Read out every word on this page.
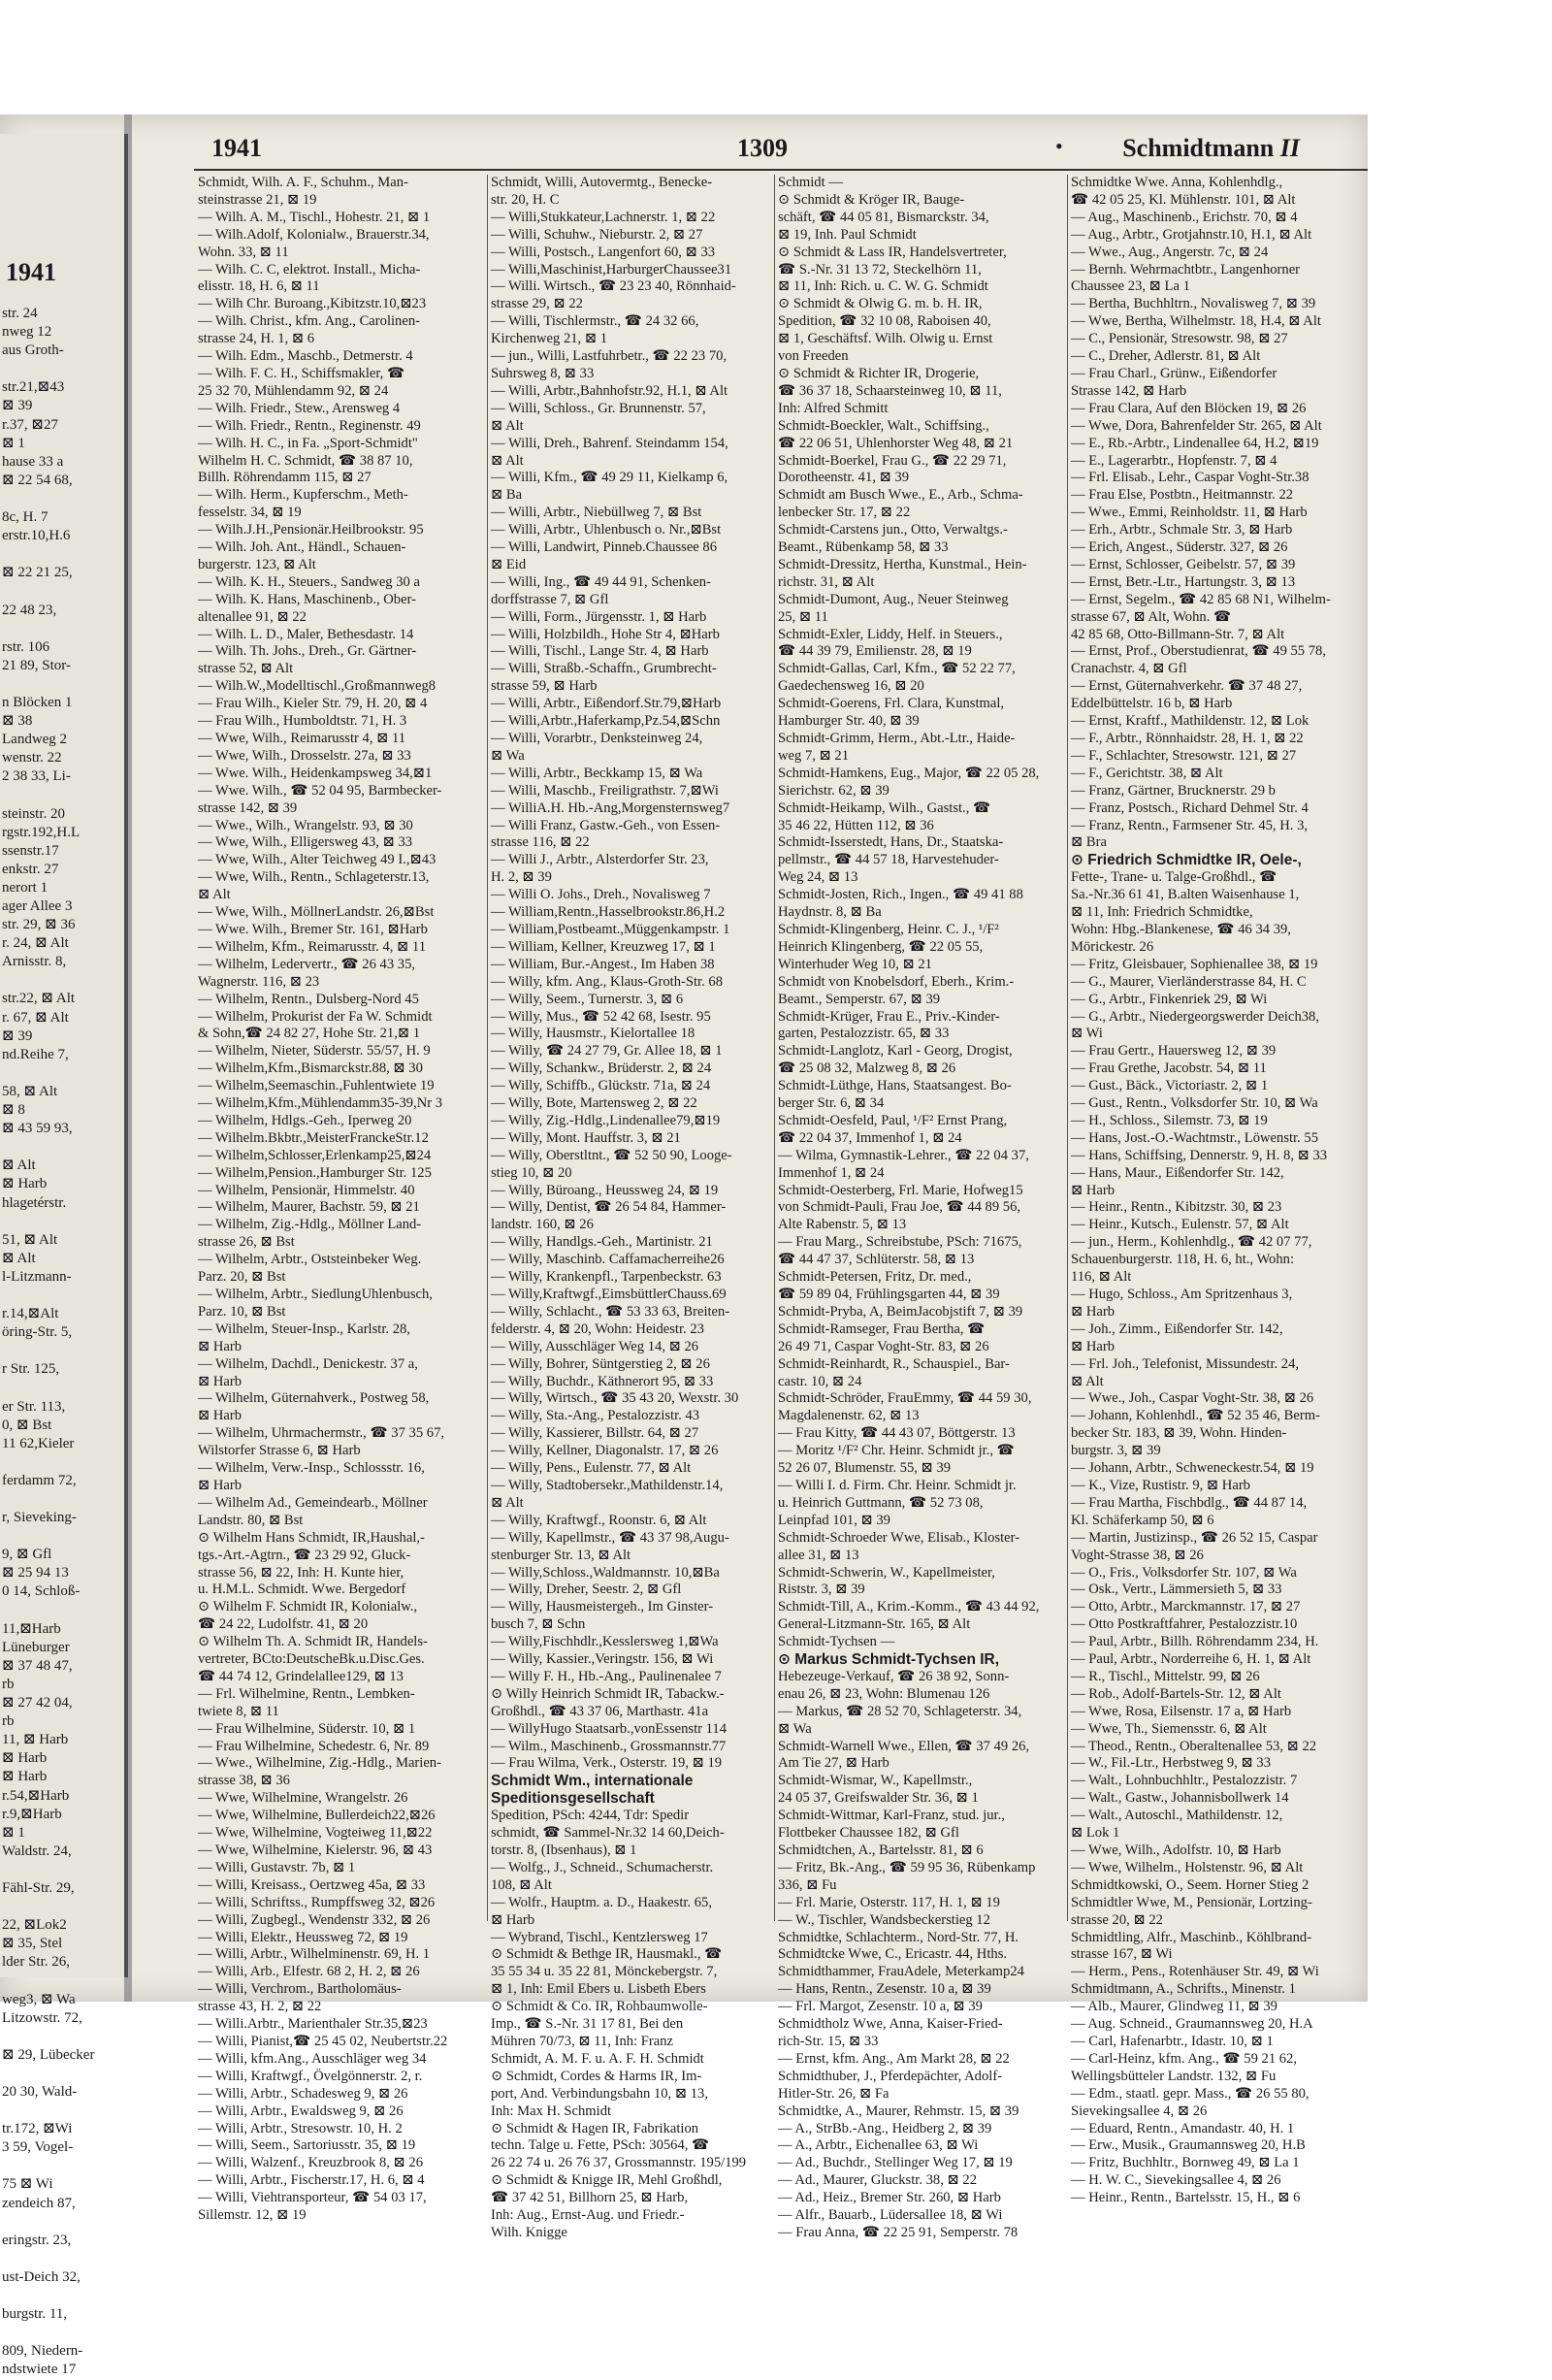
1941
str. 24
nweg 12
aus Groth-

str.21,⊠43
⊠ 39
r.37, ⊠27
⊠ 1
hause 33 a
⊠ 22 54 68,

8c, H. 7
erstr.10,H.6

⊠ 22 21 25,

22 48 23,

rstr. 106
21 89, Stor-

n Blöcken 1
⊠ 38
Landweg 2
wenstr. 22
2 38 33, Li-

steinstr. 20
rgstr.192,H.L
ssenstr.17
enkstr. 27
nerort 1
ager Allee 3
str. 29, ⊠ 36
r. 24, ⊠ Alt
Arnisstr. 8,

str.22, ⊠ Alt
r. 67, ⊠ Alt
⊠ 39
nd.Reihe 7,

58, ⊠ Alt
⊠ 8
⊠ 43 59 93,

⊠ Alt
⊠ Harb
hlagetérstr.

51, ⊠ Alt
⊠ Alt
l-Litzmann-

r.14,⊠Alt
öring-Str. 5,

r Str. 125,

er Str. 113,
0, ⊠ Bst
11 62,Kieler

ferdamm 72,

r, Sieveking-

9, ⊠ Gfl
⊠ 25 94 13
0 14, Schloß-

11,⊠Harb
Lüneburger
⊠ 37 48 47,
rb
⊠ 27 42 04,
rb
11, ⊠ Harb
⊠ Harb
⊠ Harb
r.54,⊠Harb
r.9,⊠Harb
⊠ 1
Waldstr. 24,

Fähl-Str. 29,

22, ⊠Lok2
⊠ 35, Stel
lder Str. 26,

weg3, ⊠ Wa
Litzowstr. 72,

⊠ 29, Lübecker

20 30, Wald-

tr.172, ⊠Wi
3 59, Vogel-

75 ⊠ Wi
zendeich 87,

eringstr. 23,

ust-Deich 32,

burgstr. 11,

809, Niedern-
ndstwiete 17
1941	1309	• Schmidtmann II
Schmidt, Wilh. A. F., Schuhm., Man-
steinstrasse 21, ⊠ 19
— Wilh. A. M., Tischl., Hohestr. 21, ⊠ 1
— Wilh.Adolf, Kolonialw., Brauerstr.34,
Wohn. 33, ⊠ 11
— Wilh. C. C, elektrot. Install., Micha-
elisstr. 18, H. 6, ⊠ 11
— Wilh Chr. Buroang.,Kibitzstr.10,⊠23
— Wilh. Christ., kfm. Ang., Carolinen-
strasse 24, H. 1, ⊠ 6
— Wilh. Edm., Maschb., Detmerstr. 4
— Wilh. F. C. H., Schiffsmakler, ☎
25 32 70, Mühlendamm 92, ⊠ 24
— Wilh. Friedr., Stew., Arensweg 4
— Wilh. Friedr., Rentn., Reginenstr. 49
— Wilh. H. C., in Fa. „Sport-Schmidt"
Wilhelm H. C. Schmidt, ☎ 38 87 10,
Billh. Röhrendamm 115, ⊠ 27
— Wilh. Herm., Kupferschm., Meth-
fesselstr. 34, ⊠ 19
— Wilh.J.H.,Pensionär.Heilbrookstr. 95
— Wilh. Joh. Ant., Händl., Schauen-
burgerstr. 123, ⊠ Alt
— Wilh. K. H., Steuers., Sandweg 30 a
— Wilh. K. Hans, Maschinenb., Ober-
altenallee 91, ⊠ 22
— Wilh. L. D., Maler, Bethesdastr. 14
— Wilh. Th. Johs., Dreh., Gr. Gärtner-
strasse 52, ⊠ Alt
— Wilh.W.,Modelltischl.,Großmannweg8
— Frau Wilh., Kieler Str. 79, H. 20, ⊠ 4
— Frau Wilh., Humboldtstr. 71, H. 3
— Wwe, Wilh., Reimarusstr 4, ⊠ 11
— Wwe, Wilh., Drosselstr. 27a, ⊠ 33
— Wwe. Wilh., Heidenkampsweg 34,⊠1
— Wwe. Wilh., ☎ 52 04 95, Barmbecker-
strasse 142, ⊠ 39
— Wwe., Wilh., Wrangelstr. 93, ⊠ 30
— Wwe, Wilh., Elligersweg 43, ⊠ 33
— Wwe, Wilh., Alter Teichweg 49 I.,⊠43
— Wwe, Wilh., Rentn., Schlageterstr.13,
⊠ Alt
— Wwe, Wilh., MöllnerLandstr. 26,⊠Bst
— Wwe. Wilh., Bremer Str. 161, ⊠Harb
— Wilhelm, Kfm., Reimarusstr. 4, ⊠ 11
— Wilhelm, Ledervertr., ☎ 26 43 35,
Wagnerstr. 116, ⊠ 23
— Wilhelm, Rentn., Dulsberg-Nord 45
— Wilhelm, Prokurist der Fa W. Schmidt
& Sohn,☎ 24 82 27, Hohe Str. 21,⊠ 1
— Wilhelm, Nieter, Süderstr. 55/57, H. 9
— Wilhelm,Kfm.,Bismarckstr.88, ⊠ 30
— Wilhelm,Seemaschin.,Fuhlentwiete 19
— Wilhelm,Kfm.,Mühlendamm35-39,Nr 3
— Wilhelm, Hdlgs.-Geh., Iperweg 20
— Wilhelm.Bkbtr.,MeisterFranckeStr.12
— Wilhelm,Schlosser,Erlenkamp25,⊠24
— Wilhelm,Pension.,Hamburger Str. 125
— Wilhelm, Pensionär, Himmelstr. 40
— Wilhelm, Maurer, Bachstr. 59, ⊠ 21
— Wilhelm, Zig.-Hdlg., Möllner Land-
strasse 26, ⊠ Bst
— Wilhelm, Arbtr., Oststeinbeker Weg.
Parz. 20, ⊠ Bst
— Wilhelm, Arbtr., SiedlungUhlenbusch,
Parz. 10, ⊠ Bst
— Wilhelm, Steuer-Insp., Karlstr. 28,
⊠ Harb
— Wilhelm, Dachdl., Denickestr. 37 a,
⊠ Harb
— Wilhelm, Güternahverk., Postweg 58,
⊠ Harb
— Wilhelm, Uhrmachermstr., ☎ 37 35 67,
Wilstorfer Strasse 6, ⊠ Harb
— Wilhelm, Verw.-Insp., Schlossstr. 16,
⊠ Harb
— Wilhelm Ad., Gemeindearb., Möllner
Landstr. 80, ⊠ Bst
⊙ Wilhelm Hans Schmidt, IR,Haushal,-
tgs.-Art.-Agtrn., ☎ 23 29 92, Gluck-
strasse 56, ⊠ 22, Inh: H. Kunte hier,
u. H.M.L. Schmidt. Wwe. Bergedorf
⊙ Wilhelm F. Schmidt IR, Kolonialw.,
☎ 24 22, Ludolfstr. 41, ⊠ 20
⊙ Wilhelm Th. A. Schmidt IR, Handels-
vertreter, BCto:DeutscheBk.u.Disc.Ges.
☎ 44 74 12, Grindelallee129, ⊠ 13
— Frl. Wilhelmine, Rentn., Lembken-
twiete 8, ⊠ 11
— Frau Wilhelmine, Süderstr. 10, ⊠ 1
— Frau Wilhelmine, Schedestr. 6, Nr. 89
— Wwe., Wilhelmine, Zig.-Hdlg., Marien-
strasse 38, ⊠ 36
— Wwe, Wilhelmine, Wrangelstr. 26
— Wwe, Wilhelmine, Bullerdeich22,⊠26
— Wwe, Wilhelmine, Vogteiweg 11,⊠22
— Wwe, Wilhelmine, Kielerstr. 96, ⊠ 43
— Willi, Gustavstr. 7b, ⊠ 1
— Willi, Kreisass., Oertzweg 45a, ⊠ 33
— Willi, Schriftss., Rumpffsweg 32, ⊠26
— Willi, Zugbegl., Wendenstr 332, ⊠ 26
— Willi, Elektr., Heussweg 72, ⊠ 19
— Willi, Arbtr., Wilhelminenstr. 69, H. 1
— Willi, Arb., Elfestr. 68 2, H. 2, ⊠ 26
— Willi, Verchrom., Bartholomäus-
strasse 43, H. 2, ⊠ 22
— Willi.Arbtr., Marienthaler Str.35,⊠23
— Willi, Pianist,☎ 25 45 02, Neubertstr.22
— Willi, kfm.Ang., Ausschläger weg 34
— Willi, Kraftwgf., Övelgönnerstr. 2, r.
— Willi, Arbtr., Schadesweg 9, ⊠ 26
— Willi, Arbtr., Ewaldsweg 9, ⊠ 26
— Willi, Arbtr., Stresowstr. 10, H. 2
— Willi, Seem., Sartoriusstr. 35, ⊠ 19
— Willi, Walzenf., Kreuzbrook 8, ⊠ 26
— Willi, Arbtr., Fischerstr.17, H. 6, ⊠ 4
— Willi, Viehtransporteur, ☎ 54 03 17,
Sillemstr. 12, ⊠ 19
Schmidt, Willi, Autovermtg., Benecke-
str. 20, H. C
— Willi,Stukkateur,Lachnerstr. 1, ⊠ 22
— Willi, Schuhw., Nieburstr. 2, ⊠ 27
— Willi, Postsch., Langenfort 60, ⊠ 33
— Willi,Maschinist,HarburgerChaussee31
— Willi. Wirtsch., ☎ 23 23 40, Rönnhaid-
strasse 29, ⊠ 22
— Willi, Tischlermstr., ☎ 24 32 66,
Kirchenweg 21, ⊠ 1
— jun., Willi, Lastfuhrbetr., ☎ 22 23 70,
Suhrsweg 8, ⊠ 33
— Willi, Arbtr.,Bahnhofstr.92, H.1, ⊠ Alt
— Willi, Schloss., Gr. Brunnenstr. 57,
⊠ Alt
— Willi, Dreh., Bahrenf. Steindamm 154,
⊠ Alt
— Willi, Kfm., ☎ 49 29 11, Kielkamp 6,
⊠ Ba
— Willi, Arbtr., Niebüllweg 7, ⊠ Bst
— Willi, Arbtr., Uhlenbusch o. Nr.,⊠Bst
— Willi, Landwirt, Pinneb.Chaussee 86
⊠ Eid
— Willi, Ing., ☎ 49 44 91, Schenken-
dorffstrasse 7, ⊠ Gfl
— Willi, Form., Jürgensstr. 1, ⊠ Harb
— Willi, Holzbildh., Hohe Str 4, ⊠Harb
— Willi, Tischl., Lange Str. 4, ⊠ Harb
— Willi, Straßb.-Schaffn., Grumbrecht-
strasse 59, ⊠ Harb
— Willi, Arbtr., Eißendorf.Str.79,⊠Harb
— Willi,Arbtr.,Haferkamp,Pz.54,⊠Schn
— Willi, Vorarbtr., Denksteinweg 24,
⊠ Wa
— Willi, Arbtr., Beckkamp 15, ⊠ Wa
— Willi, Maschb., Freiligrathstr. 7,⊠Wi
— WilliA.H. Hb.-Ang,Morgensternsweg7
— Willi Franz, Gastw.-Geh., von Essen-
strasse 116, ⊠ 22
— Willi J., Arbtr., Alsterdorfer Str. 23,
H. 2, ⊠ 39
— Willi O. Johs., Dreh., Novalisweg 7
— William,Rentn.,Hasselbrookstr.86,H.2
— William,Postbeamt.,Müggenkampstr. 1
— William, Kellner, Kreuzweg 17, ⊠ 1
— William, Bur.-Angest., Im Haben 38
— Willy, kfm. Ang., Klaus-Groth-Str. 68
— Willy, Seem., Turnerstr. 3, ⊠ 6
— Willy, Mus., ☎ 52 42 68, Isestr. 95
— Willy, Hausmstr., Kielortallee 18
— Willy, ☎ 24 27 79, Gr. Allee 18, ⊠ 1
— Willy, Schankw., Brüderstr. 2, ⊠ 24
— Willy, Schiffb., Glückstr. 71a, ⊠ 24
— Willy, Bote, Martensweg 2, ⊠ 22
— Willy, Zig.-Hdlg.,Lindenallee79,⊠19
— Willy, Mont. Hauffstr. 3, ⊠ 21
— Willy, Oberstltnt., ☎ 52 50 90, Looge-
stieg 10, ⊠ 20
— Willy, Büroang., Heussweg 24, ⊠ 19
— Willy, Dentist, ☎ 26 54 84, Hammer-
landstr. 160, ⊠ 26
— Willy, Handlgs.-Geh., Martinistr. 21
— Willy, Maschinb. Caffamacherreihe26
— Willy, Krankenpfl., Tarpenbeckstr. 63
— Willy,Kraftwgf.,EimsbüttlerChauss.69
— Willy, Schlacht., ☎ 53 33 63, Breiten-
felderstr. 4, ⊠ 20, Wohn: Heidestr. 23
— Willy, Ausschläger Weg 14, ⊠ 26
— Willy, Bohrer, Süntgerstieg 2, ⊠ 26
— Willy, Buchdr., Käthnerort 95, ⊠ 33
— Willy, Wirtsch., ☎ 35 43 20, Wexstr. 30
— Willy, Sta.-Ang., Pestalozzistr. 43
— Willy, Kassierer, Billstr. 64, ⊠ 27
— Willy, Kellner, Diagonalstr. 17, ⊠ 26
— Willy, Pens., Eulenstr. 77, ⊠ Alt
— Willy, Stadtobersekr.,Mathildenstr.14,
⊠ Alt
— Willy, Kraftwgf., Roonstr. 6, ⊠ Alt
— Willy, Kapellmstr., ☎ 43 37 98,Augu-
stenburger Str. 13, ⊠ Alt
— Willy,Schloss.,Waldmannstr. 10,⊠Ba
— Willy, Dreher, Seestr. 2, ⊠ Gfl
— Willy, Hausmeistergeh., Im Ginster-
busch 7, ⊠ Schn
— Willy,Fischhdlr.,Kesslersweg 1,⊠Wa
— Willy, Kassier.,Veringstr. 156, ⊠ Wi
— Willy F. H., Hb.-Ang., Paulinenalee 7
⊙ Willy Heinrich Schmidt IR, Tabackw.-
Großhdl., ☎ 43 37 06, Marthastr. 41a
— WillyHugo Staatsarb.,vonEssenstr 114
— Wilm., Maschinenb., Grossmannstr.77
— Frau Wilma, Verk., Osterstr. 19, ⊠ 19
Schmidt Wm., internationale
Speditionsgesellschaft
Spedition, PSch: 4244, Tdr: Spedir
schmidt, ☎ Sammel-Nr.32 14 60,Deich-
torstr. 8, (Ibsenhaus), ⊠ 1
— Wolfg., J., Schneid., Schumacherstr.
108, ⊠ Alt
— Wolfr., Hauptm. a. D., Haakestr. 65,
⊠ Harb
— Wybrand, Tischl., Kentzlersweg 17
⊙ Schmidt & Bethge IR, Hausmakl., ☎
35 55 34 u. 35 22 81, Mönckebergstr. 7,
⊠ 1, Inh: Emil Ebers u. Lisbeth Ebers
⊙ Schmidt & Co. IR, Rohbaumwolle-
Imp., ☎ S.-Nr. 31 17 81, Bei den
Mühren 70/73, ⊠ 11, Inh: Franz
Schmidt, A. M. F. u. A. F. H. Schmidt
⊙ Schmidt, Cordes & Harms IR, Im-
port, And. Verbindungsbahn 10, ⊠ 13,
Inh: Max H. Schmidt
⊙ Schmidt & Hagen IR, Fabrikation
techn. Talge u. Fette, PSch: 30564, ☎
26 22 74 u. 26 76 37, Grossmannstr. 195/199
⊙ Schmidt & Knigge IR, Mehl Großhdl,
☎ 37 42 51, Billhorn 25, ⊠ Harb,
Inh: Aug., Ernst-Aug. und Friedr.-
Wilh. Knigge
Schmidt —
⊙ Schmidt & Kröger IR, Bauge-
schäft, ☎ 44 05 81, Bismarckstr. 34,
⊠ 19, Inh. Paul Schmidt
⊙ Schmidt & Lass IR, Handelsvertreter,
☎ S.-Nr. 31 13 72, Steckelhörn 11,
⊠ 11, Inh: Rich. u. C. W. G. Schmidt
⊙ Schmidt & Olwig G. m. b. H. IR,
Spedition, ☎ 32 10 08, Raboisen 40,
⊠ 1, Geschäftsf. Wilh. Olwig u. Ernst
von Freeden
⊙ Schmidt & Richter IR, Drogerie,
☎ 36 37 18, Schaarsteinweg 10, ⊠ 11,
Inh: Alfred Schmitt
Schmidt-Boeckler, Walt., Schiffsing.,
☎ 22 06 51, Uhlenhorster Weg 48, ⊠ 21
Schmidt-Boerkel, Frau G., ☎ 22 29 71,
Dorotheenstr. 41, ⊠ 39
Schmidt am Busch Wwe., E., Arb., Schma-
lenbecker Str. 17, ⊠ 22
Schmidt-Carstens jun., Otto, Verwaltgs.-
Beamt., Rübenkamp 58, ⊠ 33
Schmidt-Dressitz, Hertha, Kunstmal., Hein-
richstr. 31, ⊠ Alt
Schmidt-Dumont, Aug., Neuer Steinweg
25, ⊠ 11
Schmidt-Exler, Liddy, Helf. in Steuers.,
☎ 44 39 79, Emilienstr. 28, ⊠ 19
Schmidt-Gallas, Carl, Kfm., ☎ 52 22 77,
Gaedechensweg 16, ⊠ 20
Schmidt-Goerens, Frl. Clara, Kunstmal,
Hamburger Str. 40, ⊠ 39
Schmidt-Grimm, Herm., Abt.-Ltr., Haide-
weg 7, ⊠ 21
Schmidt-Hamkens, Eug., Major, ☎ 22 05 28,
Sierichstr. 62, ⊠ 39
Schmidt-Heikamp, Wilh., Gastst., ☎
35 46 22, Hütten 112, ⊠ 36
Schmidt-Isserstedt, Hans, Dr., Staatska-
pellmstr., ☎ 44 57 18, Harvestehuder-
Weg 24, ⊠ 13
Schmidt-Josten, Rich., Ingen., ☎ 49 41 88
Haydnstr. 8, ⊠ Ba
Schmidt-Klingenberg, Heinr. C. J., ¹/F²
Heinrich Klingenberg, ☎ 22 05 55,
Winterhuder Weg 10, ⊠ 21
Schmidt von Knobelsdorf, Eberh., Krim.-
Beamt., Semperstr. 67, ⊠ 39
Schmidt-Krüger, Frau E., Priv.-Kinder-
garten, Pestalozzistr. 65, ⊠ 33
Schmidt-Langlotz, Karl - Georg, Drogist,
☎ 25 08 32, Malzweg 8, ⊠ 26
Schmidt-Lüthge, Hans, Staatsangest. Bo-
berger Str. 6, ⊠ 34
Schmidt-Oesfeld, Paul, ¹/F² Ernst Prang,
☎ 22 04 37, Immenhof 1, ⊠ 24
— Wilma, Gymnastik-Lehrer., ☎ 22 04 37,
Immenhof 1, ⊠ 24
Schmidt-Oesterberg, Frl. Marie, Hofweg15
von Schmidt-Pauli, Frau Joe, ☎ 44 89 56,
Alte Rabenstr. 5, ⊠ 13
— Frau Marg., Schreibstube, PSch: 71675,
☎ 44 47 37, Schlüterstr. 58, ⊠ 13
Schmidt-Petersen, Fritz, Dr. med.,
☎ 59 89 04, Frühlingsgarten 44, ⊠ 39
Schmidt-Pryba, A, BeimJacobjstift 7, ⊠ 39
Schmidt-Ramseger, Frau Bertha, ☎
26 49 71, Caspar Voght-Str. 83, ⊠ 26
Schmidt-Reinhardt, R., Schauspiel., Bar-
castr. 10, ⊠ 24
Schmidt-Schröder, FrauEmmy, ☎ 44 59 30,
Magdalenenstr. 62, ⊠ 13
— Frau Kitty, ☎ 44 43 07, Böttgerstr. 13
— Moritz ¹/F² Chr. Heinr. Schmidt jr., ☎
52 26 07, Blumenstr. 55, ⊠ 39
— Willi I. d. Firm. Chr. Heinr. Schmidt jr.
u. Heinrich Guttmann, ☎ 52 73 08,
Leinpfad 101, ⊠ 39
Schmidt-Schroeder Wwe, Elisab., Kloster-
allee 31, ⊠ 13
Schmidt-Schwerin, W., Kapellmeister,
Riststr. 3, ⊠ 39
Schmidt-Till, A., Krim.-Komm., ☎ 43 44 92,
General-Litzmann-Str. 165, ⊠ Alt
Schmidt-Tychsen —
⊙ Markus Schmidt-Tychsen IR,
Hebezeuge-Verkauf, ☎ 26 38 92, Sonn-
enau 26, ⊠ 23, Wohn: Blumenau 126
— Markus, ☎ 28 52 70, Schlageterstr. 34,
⊠ Wa
Schmidt-Warnell Wwe., Ellen, ☎ 37 49 26,
Am Tie 27, ⊠ Harb
Schmidt-Wismar, W., Kapellmstr.,
24 05 37, Greifswalder Str. 36, ⊠ 1
Schmidt-Wittmar, Karl-Franz, stud. jur.,
Flottbeker Chaussee 182, ⊠ Gfl
Schmidtchen, A., Bartelsstr. 81, ⊠ 6
— Fritz, Bk.-Ang., ☎ 59 95 36, Rübenkamp
336, ⊠ Fu
— Frl. Marie, Osterstr. 117, H. 1, ⊠ 19
— W., Tischler, Wandsbeckerstieg 12
Schmidtke, Schlachterm., Nord-Str. 77, H.
Schmidtcke Wwe, C., Ericastr. 44, Hths.
Schmidthammer, FrauAdele, Meterkamp24
— Hans, Rentn., Zesenstr. 10 a, ⊠ 39
— Frl. Margot, Zesenstr. 10 a, ⊠ 39
Schmidtholz Wwe, Anna, Kaiser-Fried-
rich-Str. 15, ⊠ 33
— Ernst, kfm. Ang., Am Markt 28, ⊠ 22
Schmidthuber, J., Pferdepächter, Adolf-
Hitler-Str. 26, ⊠ Fa
Schmidtke, A., Maurer, Rehmstr. 15, ⊠ 39
— A., StrBb.-Ang., Heidberg 2, ⊠ 39
— A., Arbtr., Eichenallee 63, ⊠ Wi
— Ad., Buchdr., Stellinger Weg 17, ⊠ 19
— Ad., Maurer, Gluckstr. 38, ⊠ 22
— Ad., Heiz., Bremer Str. 260, ⊠ Harb
— Alfr., Bauarb., Lüdersallee 18, ⊠ Wi
— Frau Anna, ☎ 22 25 91, Semperstr. 78
Schmidtke Wwe. Anna, Kohlenhdlg.,
☎ 42 05 25, Kl. Mühlenstr. 101, ⊠ Alt
— Aug., Maschinenb., Erichstr. 70, ⊠ 4
— Aug., Arbtr., Grotjahnstr.10, H.1, ⊠ Alt
— Wwe., Aug., Angerstr. 7c, ⊠ 24
— Bernh. Wehrmachtbtr., Langenhorner
Chaussee 23, ⊠ La 1
— Bertha, Buchhltrn., Novalisweg 7, ⊠ 39
— Wwe, Bertha, Wilhelmstr. 18, H.4, ⊠ Alt
— C., Pensionär, Stresowstr. 98, ⊠ 27
— C., Dreher, Adlerstr. 81, ⊠ Alt
— Frau Charl., Grünw., Eißendorfer
Strasse 142, ⊠ Harb
— Frau Clara, Auf den Blöcken 19, ⊠ 26
— Wwe, Dora, Bahrenfelder Str. 265, ⊠ Alt
— E., Rb.-Arbtr., Lindenallee 64, H.2, ⊠19
— E., Lagerarbtr., Hopfenstr. 7, ⊠ 4
— Frl. Elisab., Lehr., Caspar Voght-Str.38
— Frau Else, Postbtn., Heitmannstr. 22
— Wwe., Emmi, Reinholdstr. 11, ⊠ Harb
— Erh., Arbtr., Schmale Str. 3, ⊠ Harb
— Erich, Angest., Süderstr. 327, ⊠ 26
— Ernst, Schlosser, Geibelstr. 57, ⊠ 39
— Ernst, Betr.-Ltr., Hartungstr. 3, ⊠ 13
— Ernst, Segelm., ☎ 42 85 68 N1, Wilhelm-
strasse 67, ⊠ Alt, Wohn. ☎
42 85 68, Otto-Billmann-Str. 7, ⊠ Alt
— Ernst, Prof., Oberstudienrat, ☎ 49 55 78,
Cranachstr. 4, ⊠ Gfl
— Ernst, Güternahverkehr. ☎ 37 48 27,
Eddelbüttelstr. 16 b, ⊠ Harb
— Ernst, Kraftf., Mathildenstr. 12, ⊠ Lok
— F., Arbtr., Rönnhaidstr. 28, H. 1, ⊠ 22
— F., Schlachter, Stresowstr. 121, ⊠ 27
— F., Gerichtstr. 38, ⊠ Alt
— Franz, Gärtner, Brucknerstr. 29 b
— Franz, Postsch., Richard Dehmel Str. 4
— Franz, Rentn., Farmsener Str. 45, H. 3,
⊠ Bra
⊙ Friedrich Schmidtke IR, Oele-,
Fette-, Trane- u. Talge-Großhdl., ☎
Sa.-Nr.36 61 41, B.alten Waisenhause 1,
⊠ 11, Inh: Friedrich Schmidtke,
Wohn: Hbg.-Blankenese, ☎ 46 34 39,
Mörickestr. 26
— Fritz, Gleisbauer, Sophienallee 38, ⊠ 19
— G., Maurer, Vierländerstrasse 84, H. C
— G., Arbtr., Finkenriek 29, ⊠ Wi
— G., Arbtr., Niedergeorgswerder Deich38,
⊠ Wi
— Frau Gertr., Hauersweg 12, ⊠ 39
— Frau Grethe, Jacobstr. 54, ⊠ 11
— Gust., Bäck., Victoriastr. 2, ⊠ 1
— Gust., Rentn., Volksdorfer Str. 10, ⊠ Wa
— H., Schloss., Silemstr. 73, ⊠ 19
— Hans, Jost.-O.-Wachtmstr., Löwenstr. 55
— Hans, Schiffsing, Dennerstr. 9, H. 8, ⊠ 33
— Hans, Maur., Eißendorfer Str. 142,
⊠ Harb
— Heinr., Rentn., Kibitzstr. 30, ⊠ 23
— Heinr., Kutsch., Eulenstr. 57, ⊠ Alt
— jun., Herm., Kohlenhdlg., ☎ 42 07 77,
Schauenburgerstr. 118, H. 6, ht., Wohn:
116, ⊠ Alt
— Hugo, Schloss., Am Spritzenhaus 3,
⊠ Harb
— Joh., Zimm., Eißendorfer Str. 142,
⊠ Harb
— Frl. Joh., Telefonist, Missundestr. 24,
⊠ Alt
— Wwe., Joh., Caspar Voght-Str. 38, ⊠ 26
— Johann, Kohlenhdl., ☎ 52 35 46, Berm-
becker Str. 183, ⊠ 39, Wohn. Hinden-
burgstr. 3, ⊠ 39
— Johann, Arbtr., Schweneckestr.54, ⊠ 19
— K., Vize, Rustistr. 9, ⊠ Harb
— Frau Martha, Fischbdlg., ☎ 44 87 14,
Kl. Schäferkamp 50, ⊠ 6
— Martin, Justizinsp., ☎ 26 52 15, Caspar
Voght-Strasse 38, ⊠ 26
— O., Fris., Volksdorfer Str. 107, ⊠ Wa
— Osk., Vertr., Lämmersieth 5, ⊠ 33
— Otto, Arbtr., Marckmannstr. 17, ⊠ 27
— Otto Postkraftfahrer, Pestalozzistr.10
— Paul, Arbtr., Billh. Röhrendamm 234, H.
— Paul, Arbtr., Norderreihe 6, H. 1, ⊠ Alt
— R., Tischl., Mittelstr. 99, ⊠ 26
— Rob., Adolf-Bartels-Str. 12, ⊠ Alt
— Wwe, Rosa, Eilsenstr. 17 a, ⊠ Harb
— Wwe, Th., Siemensstr. 6, ⊠ Alt
— Theod., Rentn., Oberaltenallee 53, ⊠ 22
— W., Fil.-Ltr., Herbstweg 9, ⊠ 33
— Walt., Lohnbuchhltr., Pestalozzistr. 7
— Walt., Gastw., Johannisbollwerk 14
— Walt., Autoschl., Mathildenstr. 12,
⊠ Lok 1
— Wwe, Wilh., Adolfstr. 10, ⊠ Harb
— Wwe, Wilhelm., Holstenstr. 96, ⊠ Alt
Schmidtkowski, O., Seem. Horner Stieg 2
Schmidtler Wwe, M., Pensionär, Lortzing-
strasse 20, ⊠ 22
Schmidtling, Alfr., Maschinb., Köhlbrand-
strasse 167, ⊠ Wi
— Herm., Pens., Rotenhäuser Str. 49, ⊠ Wi
Schmidtmann, A., Schrifts., Minenstr. 1
— Alb., Maurer, Glindweg 11, ⊠ 39
— Aug. Schneid., Graumannsweg 20, H.A
— Carl, Hafenarbtr., Idastr. 10, ⊠ 1
— Carl-Heinz, kfm. Ang., ☎ 59 21 62,
Wellingsbütteler Landstr. 132, ⊠ Fu
— Edm., staatl. gepr. Mass., ☎ 26 55 80,
Sievekingsallee 4, ⊠ 26
— Eduard, Rentn., Amandastr. 40, H. 1
— Erw., Musik., Graumannsweg 20, H.B
— Fritz, Buchhltr., Bornweg 49, ⊠ La 1
— H. W. C., Sievekingsallee 4, ⊠ 26
— Heinr., Rentn., Bartelsstr. 15, H., ⊠ 6
